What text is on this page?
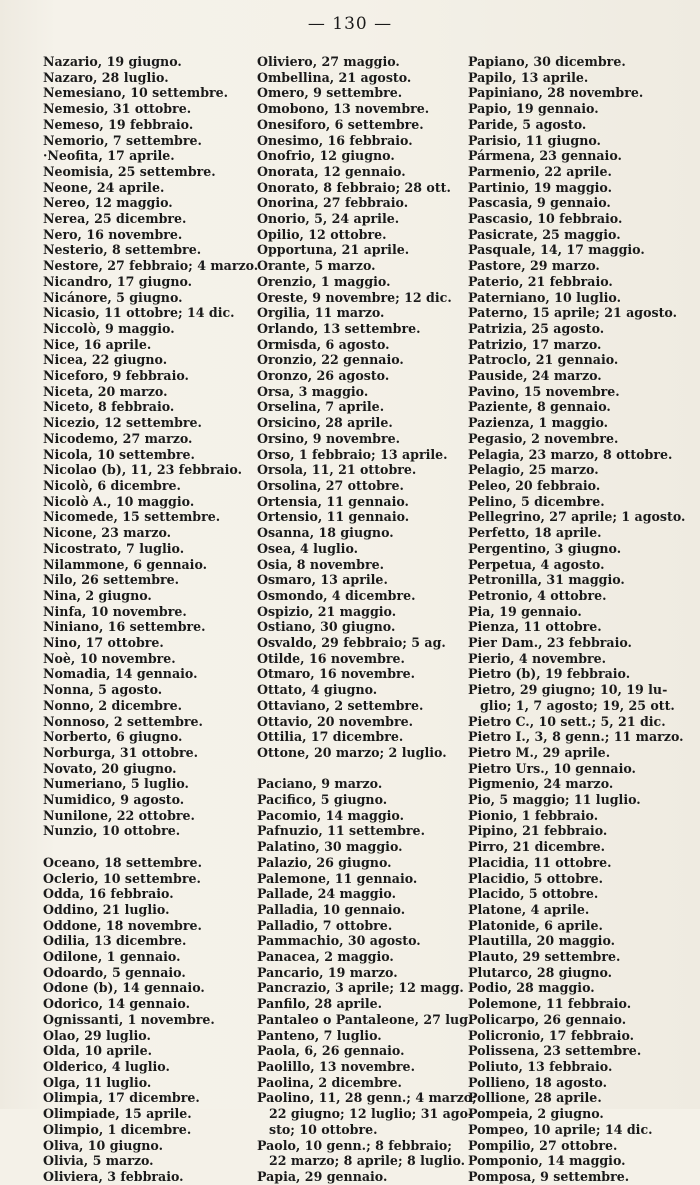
— 130 —
Nazario, 19 giugno.
Nazaro, 28 luglio.
Nemesiano, 10 settembre.
Nemesio, 31 ottobre.
Nemeso, 19 febbraio.
Nemorio, 7 settembre.
·Neofita, 17 aprile.
Neomisia, 25 settembre.
Neone, 24 aprile.
Nereo, 12 maggio.
Nerea, 25 dicembre.
Nero, 16 novembre.
Nesterio, 8 settembre.
Nestore, 27 febbraio; 4 marzo.
Nicandro, 17 giugno.
Nicánore, 5 giugno.
Nicasio, 11 ottobre; 14 dic.
Niccolò, 9 maggio.
Nice, 16 aprile.
Nicea, 22 giugno.
Niceforo, 9 febbraio.
Niceta, 20 marzo.
Niceto, 8 febbraio.
Nicezio, 12 settembre.
Nicodemo, 27 marzo.
Nicola, 10 settembre.
Nicolao (b), 11, 23 febbraio.
Nicolò, 6 dicembre.
Nicolò A., 10 maggio.
Nicomede, 15 settembre.
Nicone, 23 marzo.
Nicostrato, 7 luglio.
Nilammone, 6 gennaio.
Nilo, 26 settembre.
Nina, 2 giugno.
Ninfa, 10 novembre.
Niniano, 16 settembre.
Nino, 17 ottobre.
Noè, 10 novembre.
Nomadia, 14 gennaio.
Nonna, 5 agosto.
Nonno, 2 dicembre.
Nonnoso, 2 settembre.
Norberto, 6 giugno.
Norburga, 31 ottobre.
Novato, 20 giugno.
Numeriano, 5 luglio.
Numidico, 9 agosto.
Nunilone, 22 ottobre.
Nunzio, 10 ottobre.
Oceano, 18 settembre.
Oclerio, 10 settembre.
Odda, 16 febbraio.
Oddino, 21 luglio.
Oddone, 18 novembre.
Odilia, 13 dicembre.
Odilone, 1 gennaio.
Odoardo, 5 gennaio.
Odone (b), 14 gennaio.
Odorico, 14 gennaio.
Ognissanti, 1 novembre.
Olao, 29 luglio.
Olda, 10 aprile.
Olderico, 4 luglio.
Olga, 11 luglio.
Olimpia, 17 dicembre.
Olimpiade, 15 aprile.
Olimpio, 1 dicembre.
Oliva, 10 giugno.
Olivia, 5 marzo.
Oliviera, 3 febbraio.
Oliviero, 27 maggio.
Ombellina, 21 agosto.
Omero, 9 settembre.
Omobono, 13 novembre.
Onesiforo, 6 settembre.
Onesimo, 16 febbraio.
Onofrio, 12 giugno.
Onorata, 12 gennaio.
Onorato, 8 febbraio; 28 ott.
Onorina, 27 febbraio.
Onorio, 5, 24 aprile.
Opilio, 12 ottobre.
Opportuna, 21 aprile.
Orante, 5 marzo.
Orenzio, 1 maggio.
Oreste, 9 novembre; 12 dic.
Orgilia, 11 marzo.
Orlando, 13 settembre.
Ormisda, 6 agosto.
Oronzio, 22 gennaio.
Oronzo, 26 agosto.
Orsa, 3 maggio.
Orselina, 7 aprile.
Orsicino, 28 aprile.
Orsino, 9 novembre.
Orso, 1 febbraio; 13 aprile.
Orsola, 11, 21 ottobre.
Orsolina, 27 ottobre.
Ortensia, 11 gennaio.
Ortensio, 11 gennaio.
Osanna, 18 giugno.
Osea, 4 luglio.
Osia, 8 novembre.
Osmaro, 13 aprile.
Osmondo, 4 dicembre.
Ospizio, 21 maggio.
Ostiano, 30 giugno.
Osvaldo, 29 febbraio; 5 ag.
Otilde, 16 novembre.
Otmaro, 16 novembre.
Ottato, 4 giugno.
Ottaviano, 2 settembre.
Ottavio, 20 novembre.
Ottilia, 17 dicembre.
Ottone, 20 marzo; 2 luglio.
Paciano, 9 marzo.
Pacifico, 5 giugno.
Pacomio, 14 maggio.
Pafnuzio, 11 settembre.
Palatino, 30 maggio.
Palazio, 26 giugno.
Palemone, 11 gennaio.
Pallade, 24 maggio.
Palladia, 10 gennaio.
Palladio, 7 ottobre.
Pammachio, 30 agosto.
Panacea, 2 maggio.
Pancario, 19 marzo.
Pancrazio, 3 aprile; 12 magg.
Panfilo, 28 aprile.
Pantaleo o Pantaleone, 27 lug.
Panteno, 7 luglio.
Paola, 6, 26 gennaio.
Paolillo, 13 novembre.
Paolina, 2 dicembre.
Paolino, 11, 28 genn.; 4 marzo;
22 giugno; 12 luglio; 31 ago-
sto; 10 ottobre.
Paolo, 10 genn.; 8 febbraio;
22 marzo; 8 aprile; 8 luglio.
Papia, 29 gennaio.
Papiano, 30 dicembre.
Papilo, 13 aprile.
Papiniano, 28 novembre.
Papio, 19 gennaio.
Paride, 5 agosto.
Parisio, 11 giugno.
Pármena, 23 gennaio.
Parmenio, 22 aprile.
Partinio, 19 maggio.
Pascasia, 9 gennaio.
Pascasio, 10 febbraio.
Pasicrate, 25 maggio.
Pasquale, 14, 17 maggio.
Pastore, 29 marzo.
Paterio, 21 febbraio.
Paterniano, 10 luglio.
Paterno, 15 aprile; 21 agosto.
Patrizia, 25 agosto.
Patrizio, 17 marzo.
Patroclo, 21 gennaio.
Pauside, 24 marzo.
Pavino, 15 novembre.
Paziente, 8 gennaio.
Pazienza, 1 maggio.
Pegasio, 2 novembre.
Pelagia, 23 marzo, 8 ottobre.
Pelagio, 25 marzo.
Peleo, 20 febbraio.
Pelino, 5 dicembre.
Pellegrino, 27 aprile; 1 agosto.
Perfetto, 18 aprile.
Pergentino, 3 giugno.
Perpetua, 4 agosto.
Petronilla, 31 maggio.
Petronio, 4 ottobre.
Pia, 19 gennaio.
Pienza, 11 ottobre.
Pier Dam., 23 febbraio.
Pierio, 4 novembre.
Pietro (b), 19 febbraio.
Pietro, 29 giugno; 10, 19 lu-
glio; 1, 7 agosto; 19, 25 ott.
Pietro C., 10 sett.; 5, 21 dic.
Pietro I., 3, 8 genn.; 11 marzo.
Pietro M., 29 aprile.
Pietro Urs., 10 gennaio.
Pigmenio, 24 marzo.
Pio, 5 maggio; 11 luglio.
Pionio, 1 febbraio.
Pipino, 21 febbraio.
Pirro, 21 dicembre.
Placidia, 11 ottobre.
Placidio, 5 ottobre.
Placido, 5 ottobre.
Platone, 4 aprile.
Platonide, 6 aprile.
Plautilla, 20 maggio.
Plauto, 29 settembre.
Plutarco, 28 giugno.
Podio, 28 maggio.
Polemone, 11 febbraio.
Policarpo, 26 gennaio.
Policronio, 17 febbraio.
Polissena, 23 settembre.
Poliuto, 13 febbraio.
Pollieno, 18 agosto.
Pollione, 28 aprile.
Pompeia, 2 giugno.
Pompeo, 10 aprile; 14 dic.
Pompilio, 27 ottobre.
Pomponio, 14 maggio.
Pomposa, 9 settembre.
